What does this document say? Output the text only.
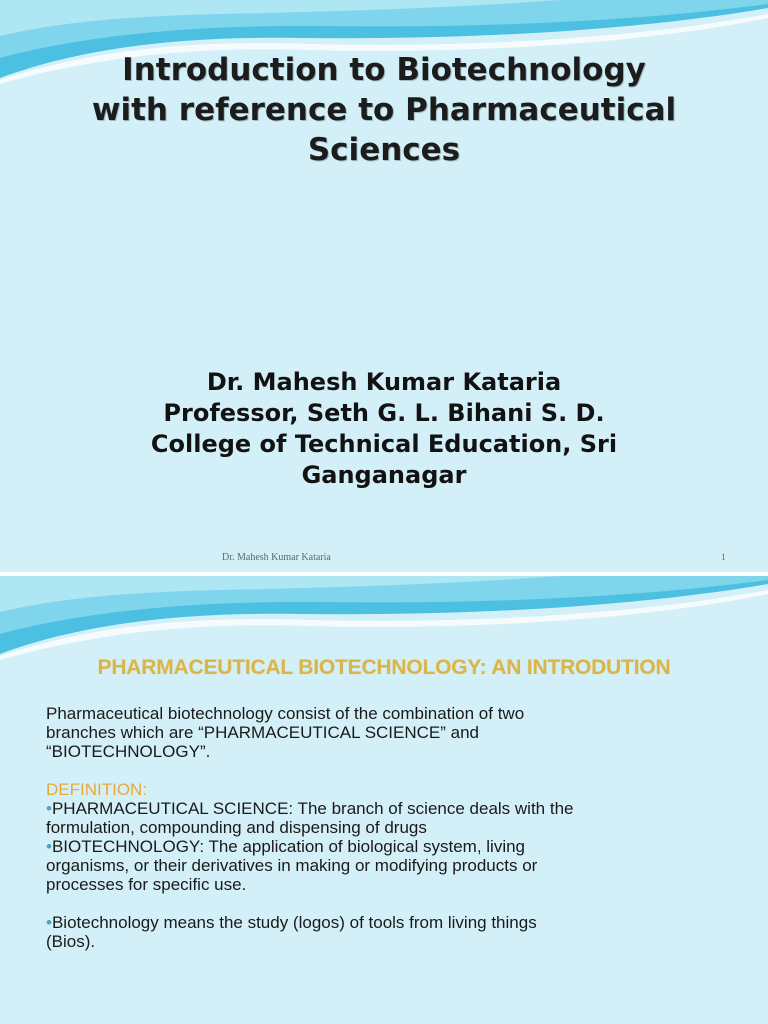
Introduction to Biotechnology
with reference to Pharmaceutical
Sciences
Dr. Mahesh Kumar Kataria
Professor, Seth G. L. Bihani S. D.
College of Technical Education, Sri
Ganganagar
Dr. Mahesh Kumar Kataria	1
PHARMACEUTICAL BIOTECHNOLOGY: AN INTRODUTION
Pharmaceutical biotechnology consist of the combination of two
branches which are “PHARMACEUTICAL SCIENCE” and
“BIOTECHNOLOGY”.
DEFINITION:
•PHARMACEUTICAL SCIENCE: The branch of science deals with the
formulation, compounding and dispensing of drugs
•BIOTECHNOLOGY: The application of biological system, living
organisms, or their derivatives in making or modifying products or
processes for specific use.
•Biotechnology means the study (logos) of tools from living things
(Bios).
